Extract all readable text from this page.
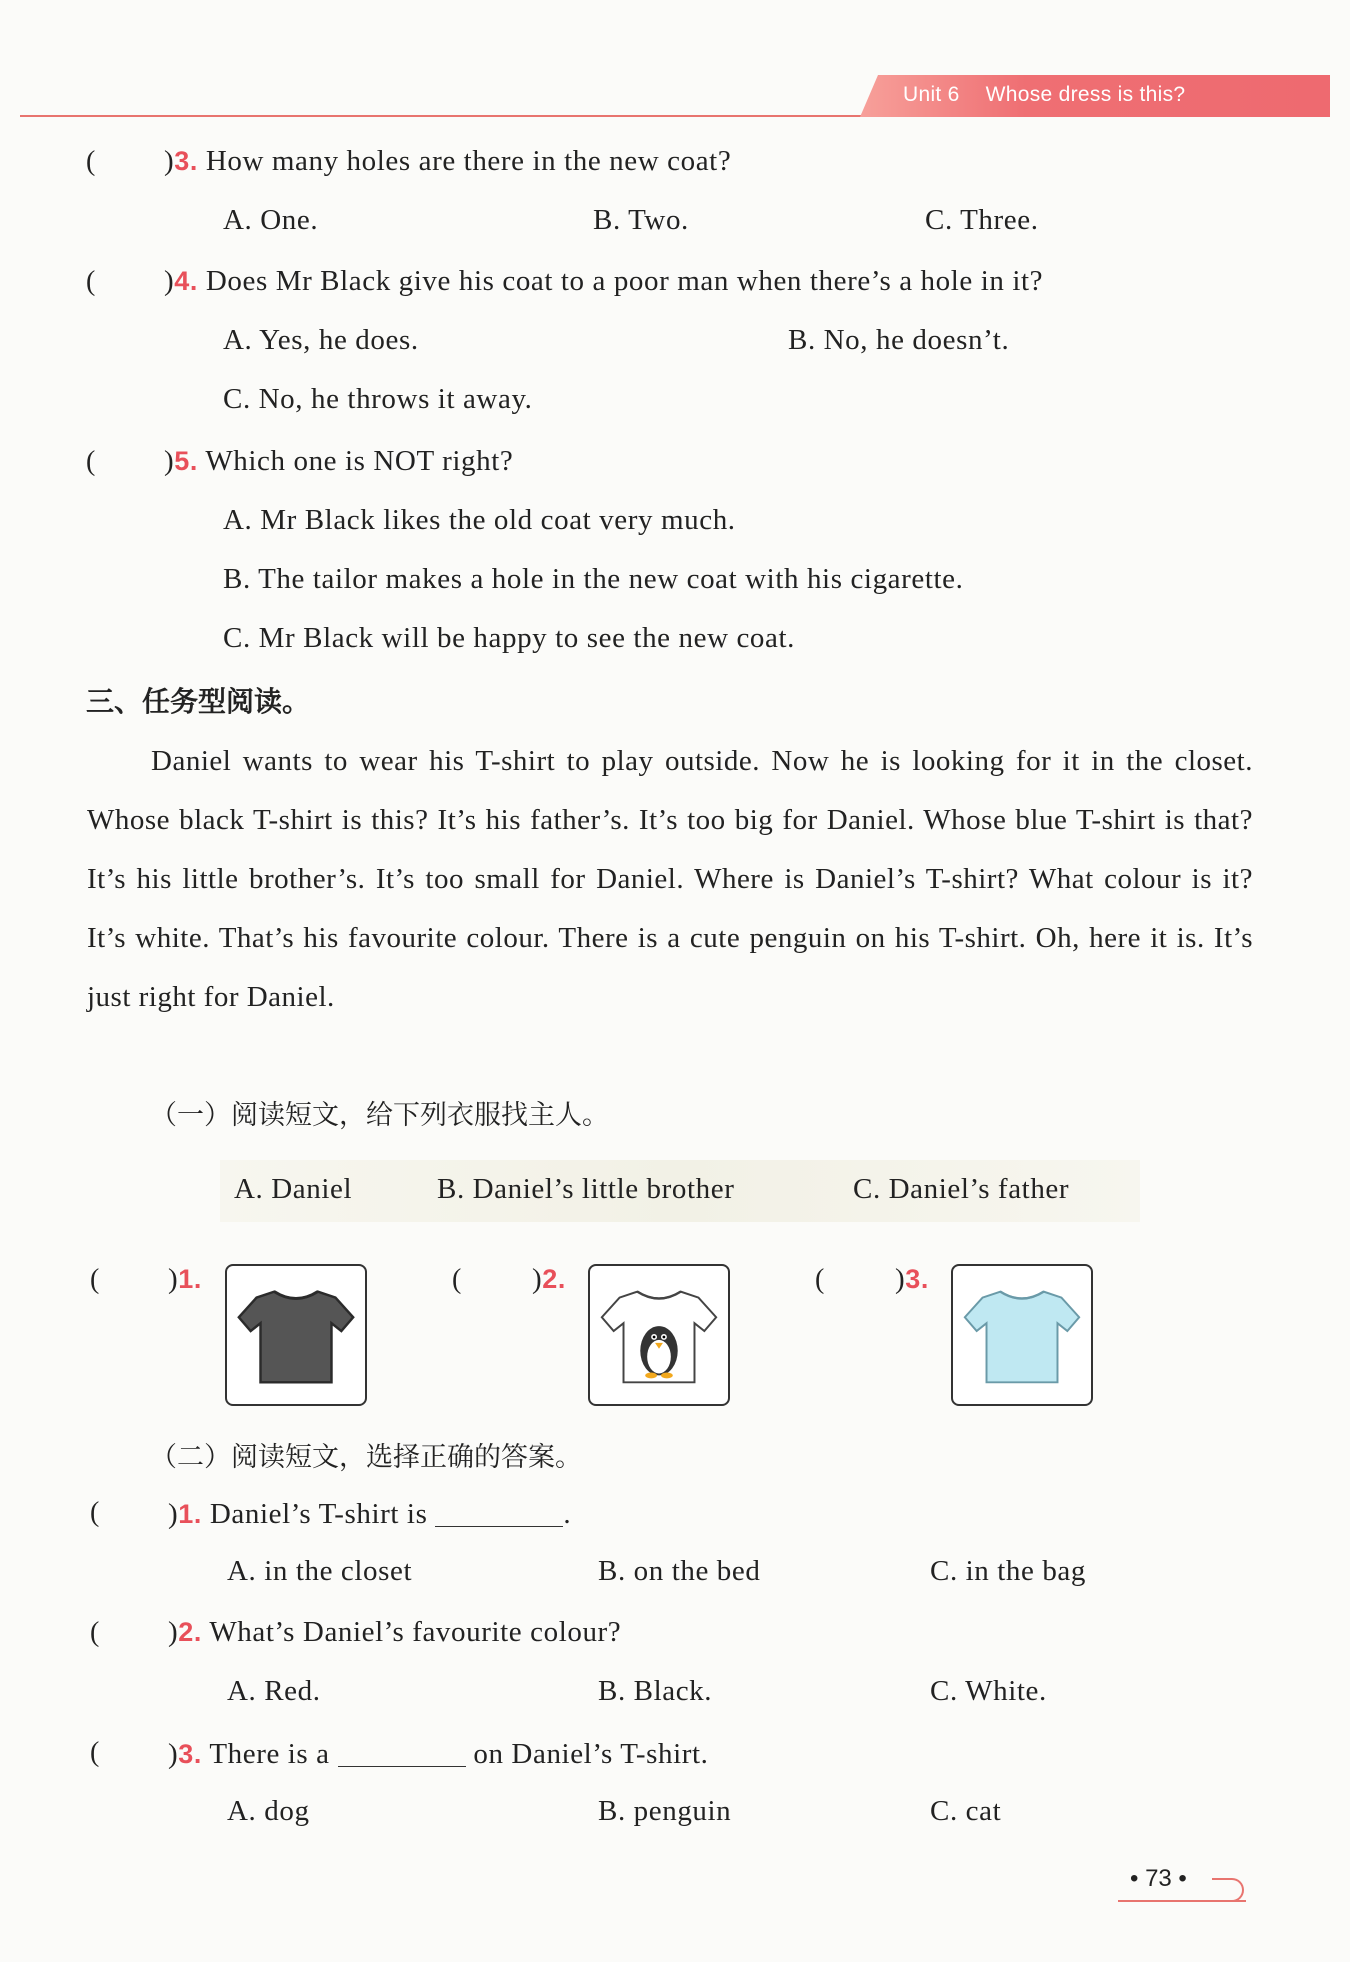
Unit 6 Whose dress is this?
( )3. How many holes are there in the new coat?
A. One.	B. Two.	C. Three.
( )4. Does Mr Black give his coat to a poor man when there’s a hole in it?
A. Yes, he does.	B. No, he doesn’t.
C. No, he throws it away.
( )5. Which one is NOT right?
A. Mr Black likes the old coat very much.
B. The tailor makes a hole in the new coat with his cigarette.
C. Mr Black will be happy to see the new coat.
三、任务型阅读。

Daniel wants to wear his T-shirt to play outside. Now he is looking for it in the closet. Whose black T-shirt is this? It’s his father’s. It’s too big for Daniel. Whose blue T-shirt is that? It’s his little brother’s. It’s too small for Daniel. Where is Daniel’s T-shirt? What colour is it? It’s white. That’s his favourite colour. There is a cute penguin on his T-shirt. Oh, here it is. It’s just right for Daniel.

（一）阅读短文，给下列衣服找主人。
A. Daniel	B. Daniel’s little brother	C. Daniel’s father
( )1.	( )2.	( )3.
（二）阅读短文，选择正确的答案。
( )1. Daniel’s T-shirt is	.
A. in the closet	B. on the bed	C. in the bag
( )2. What’s Daniel’s favourite colour?
A. Red.	B. Black.	C. White.
( )3. There is a	on Daniel’s T-shirt.
A. dog	B. penguin	C. cat
• 73 •
